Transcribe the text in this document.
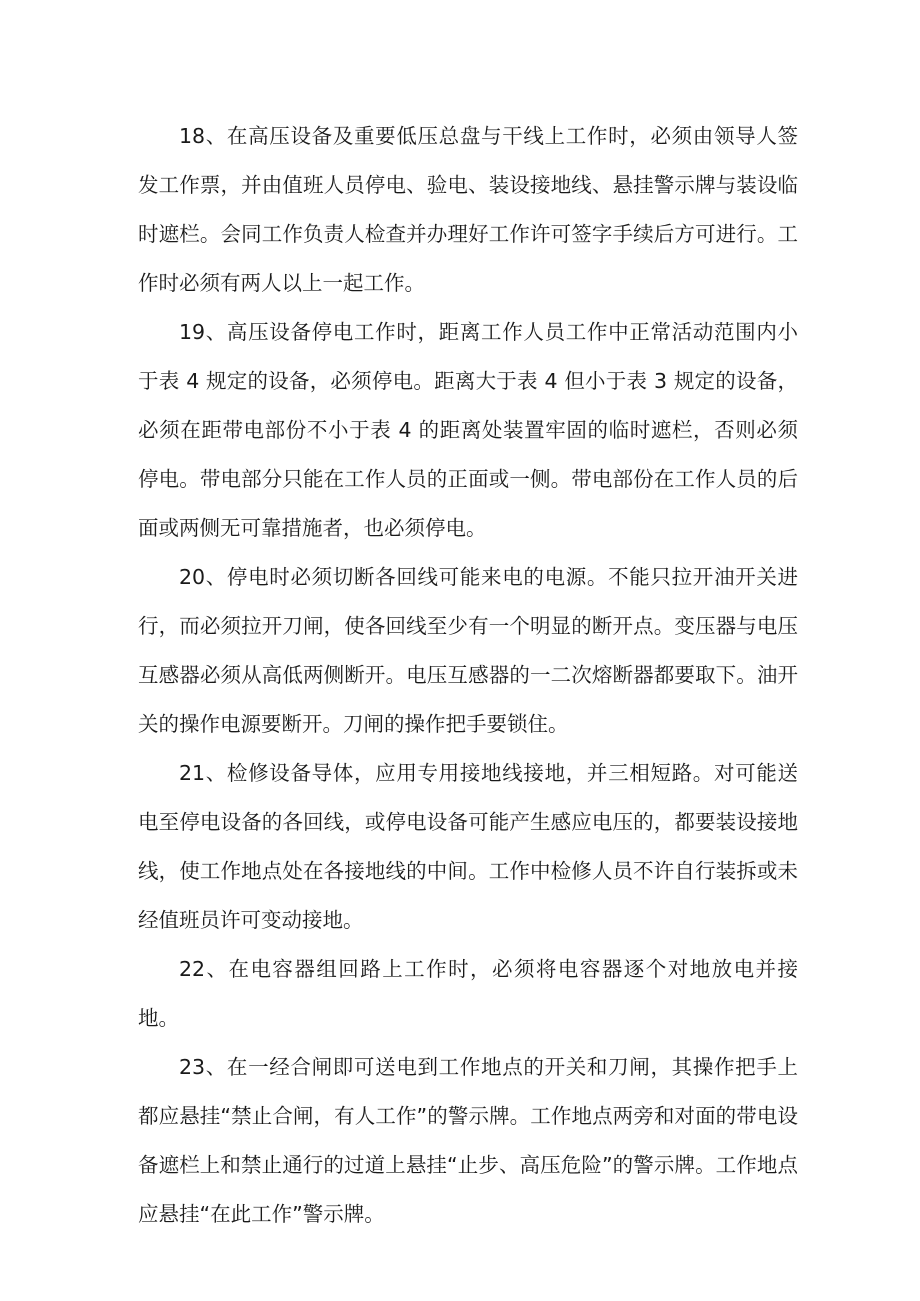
18、在高压设备及重要低压总盘与干线上工作时，必须由领导人签发工作票，并由值班人员停电、验电、装设接地线、悬挂警示牌与装设临时遮栏。会同工作负责人检查并办理好工作许可签字手续后方可进行。工作时必须有两人以上一起工作。

19、高压设备停电工作时，距离工作人员工作中正常活动范围内小于表 4 规定的设备，必须停电。距离大于表 4 但小于表 3 规定的设备，必须在距带电部份不小于表 4 的距离处装置牢固的临时遮栏，否则必须停电。带电部分只能在工作人员的正面或一侧。带电部份在工作人员的后面或两侧无可靠措施者，也必须停电。

20、停电时必须切断各回线可能来电的电源。不能只拉开油开关进行，而必须拉开刀闸，使各回线至少有一个明显的断开点。变压器与电压互感器必须从高低两侧断开。电压互感器的一二次熔断器都要取下。油开关的操作电源要断开。刀闸的操作把手要锁住。

21、检修设备导体，应用专用接地线接地，并三相短路。对可能送电至停电设备的各回线，或停电设备可能产生感应电压的，都要装设接地线，使工作地点处在各接地线的中间。工作中检修人员不许自行装拆或未经值班员许可变动接地。

22、在电容器组回路上工作时，必须将电容器逐个对地放电并接地。

23、在一经合闸即可送电到工作地点的开关和刀闸，其操作把手上都应悬挂“禁止合闸，有人工作”的警示牌。工作地点两旁和对面的带电设备遮栏上和禁止通行的过道上悬挂“止步、高压危险”的警示牌。工作地点应悬挂“在此工作”警示牌。
